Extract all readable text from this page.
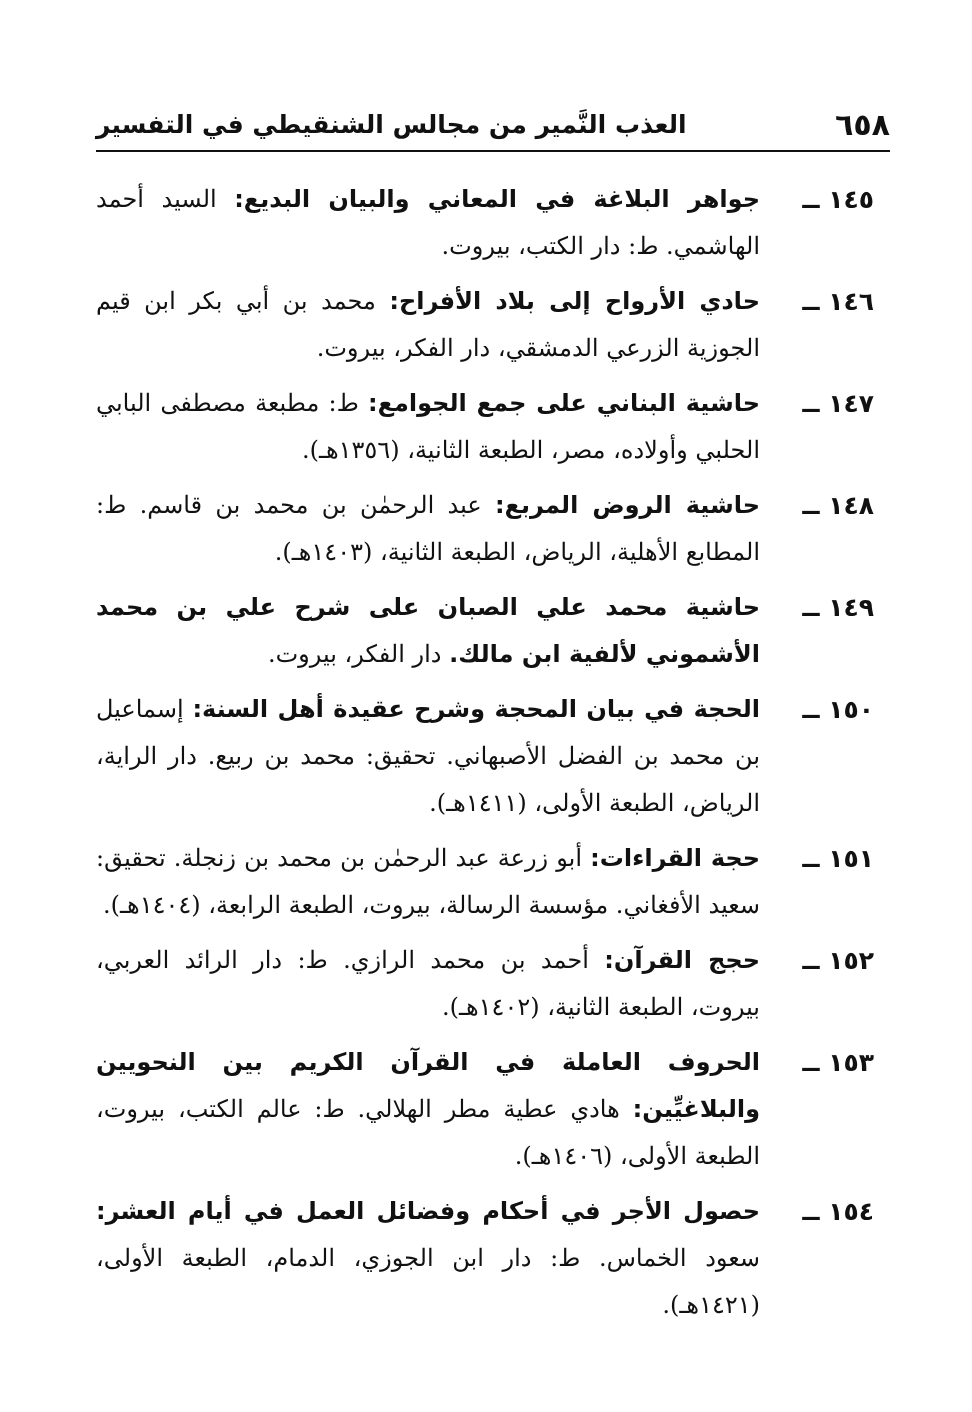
٦٥٨
العذب النَّمير من مجالس الشنقيطي في التفسير
١٤٥ ــ
جواهر البلاغة في المعاني والبيان البديع: السيد أحمد الهاشمي. ط: دار الكتب، بيروت.
١٤٦ ــ
حادي الأرواح إلى بلاد الأفراح: محمد بن أبي بكر ابن قيم الجوزية الزرعي الدمشقي، دار الفكر، بيروت.
١٤٧ ــ
حاشية البناني على جمع الجوامع: ط: مطبعة مصطفى البابي الحلبي وأولاده، مصر، الطبعة الثانية، (١٣٥٦هـ).
١٤٨ ــ
حاشية الروض المربع: عبد الرحمٰن بن محمد بن قاسم. ط: المطابع الأهلية، الرياض، الطبعة الثانية، (١٤٠٣هـ).
١٤٩ ــ
حاشية محمد علي الصبان على شرح علي بن محمد الأشموني لألفية ابن مالك. دار الفكر، بيروت.
١٥٠ ــ
الحجة في بيان المحجة وشرح عقيدة أهل السنة: إسماعيل بن محمد بن الفضل الأصبهاني. تحقيق: محمد بن ربيع. دار الراية، الرياض، الطبعة الأولى، (١٤١١هـ).
١٥١ ــ
حجة القراءات: أبو زرعة عبد الرحمٰن بن محمد بن زنجلة. تحقيق: سعيد الأفغاني. مؤسسة الرسالة، بيروت، الطبعة الرابعة، (١٤٠٤هـ).
١٥٢ ــ
حجج القرآن: أحمد بن محمد الرازي. ط: دار الرائد العربي، بيروت، الطبعة الثانية، (١٤٠٢هـ).
١٥٣ ــ
الحروف العاملة في القرآن الكريم بين النحويين والبلاغيِّين: هادي عطية مطر الهلالي. ط: عالم الكتب، بيروت، الطبعة الأولى، (١٤٠٦هـ).
١٥٤ ــ
حصول الأجر في أحكام وفضائل العمل في أيام العشر: سعود الخماس. ط: دار ابن الجوزي، الدمام، الطبعة الأولى، (١٤٢١هـ).
